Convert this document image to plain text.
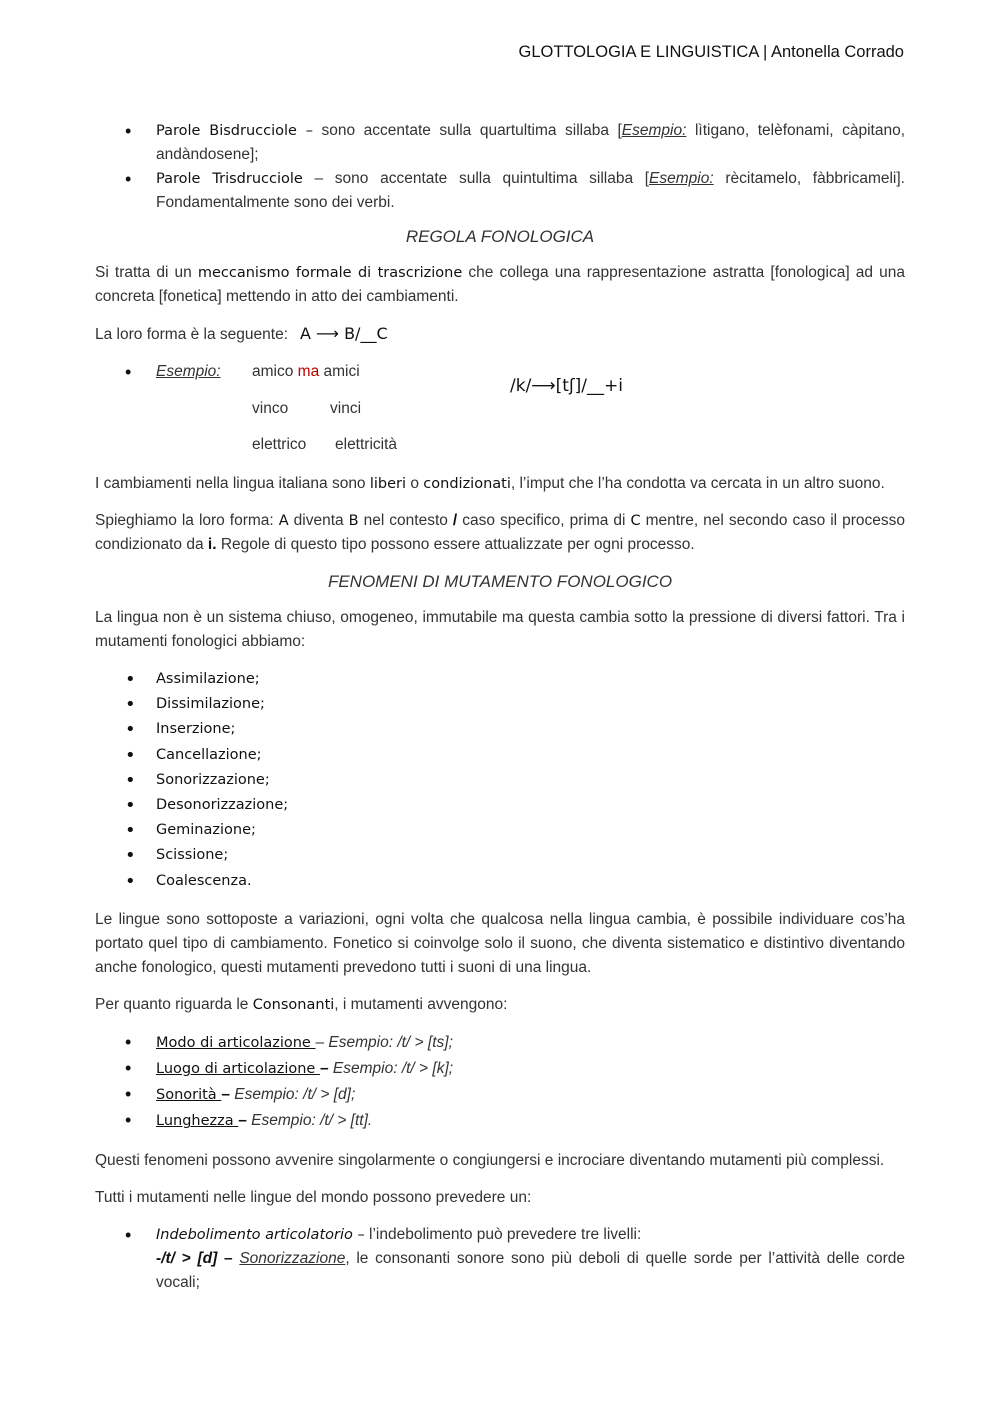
GLOTTOLOGIA E LINGUISTICA | Antonella Corrado
• Parole Bisdrucciole – sono accentate sulla quartultima sillaba [Esempio: lìtigano, telèfonami, càpitano, andàndosene];
• Parole Trisdrucciole – sono accentate sulla quintultima sillaba [Esempio: rècitamelo, fàbbricameli]. Fondamentalmente sono dei verbi.
REGOLA FONOLOGICA

Si tratta di un meccanismo formale di trascrizione che collega una rappresentazione astratta [fonologica] ad una concreta [fonetica] mettendo in atto dei cambiamenti.

La loro forma è la seguente: A ⟶ B/__C

• Esempio: amico ma amici
vinco	vinci
elettrico elettricità
/k/⟶[tʃ]/__+i

I cambiamenti nella lingua italiana sono liberi o condizionati, l’imput che l’ha condotta va cercata in un altro suono.

Spieghiamo la loro forma: A diventa B nel contesto / caso specifico, prima di C mentre, nel secondo caso il processo condizionato da i. Regole di questo tipo possono essere attualizzate per ogni processo.

FENOMENI DI MUTAMENTO FONOLOGICO

La lingua non è un sistema chiuso, omogeneo, immutabile ma questa cambia sotto la pressione di diversi fattori. Tra i mutamenti fonologici abbiamo:

• Assimilazione;
• Dissimilazione;
• Inserzione;
• Cancellazione;
• Sonorizzazione;
• Desonorizzazione;
• Geminazione;
• Scissione;
• Coalescenza.

Le lingue sono sottoposte a variazioni, ogni volta che qualcosa nella lingua cambia, è possibile individuare cos’ha portato quel tipo di cambiamento. Fonetico si coinvolge solo il suono, che diventa sistematico e distintivo diventando anche fonologico, questi mutamenti prevedono tutti i suoni di una lingua.

Per quanto riguarda le Consonanti, i mutamenti avvengono:

• Modo di articolazione – Esempio: /t/ > [ts];
• Luogo di articolazione – Esempio: /t/ > [k];
• Sonorità – Esempio: /t/ > [d];
• Lunghezza – Esempio: /t/ > [tt].

Questi fenomeni possono avvenire singolarmente o congiungersi e incrociare diventando mutamenti più complessi.

Tutti i mutamenti nelle lingue del mondo possono prevedere un:

• Indebolimento articolatorio – l’indebolimento può prevedere tre livelli:
-/t/ > [d] – Sonorizzazione, le consonanti sonore sono più deboli di quelle sorde per l’attività delle corde vocali;
